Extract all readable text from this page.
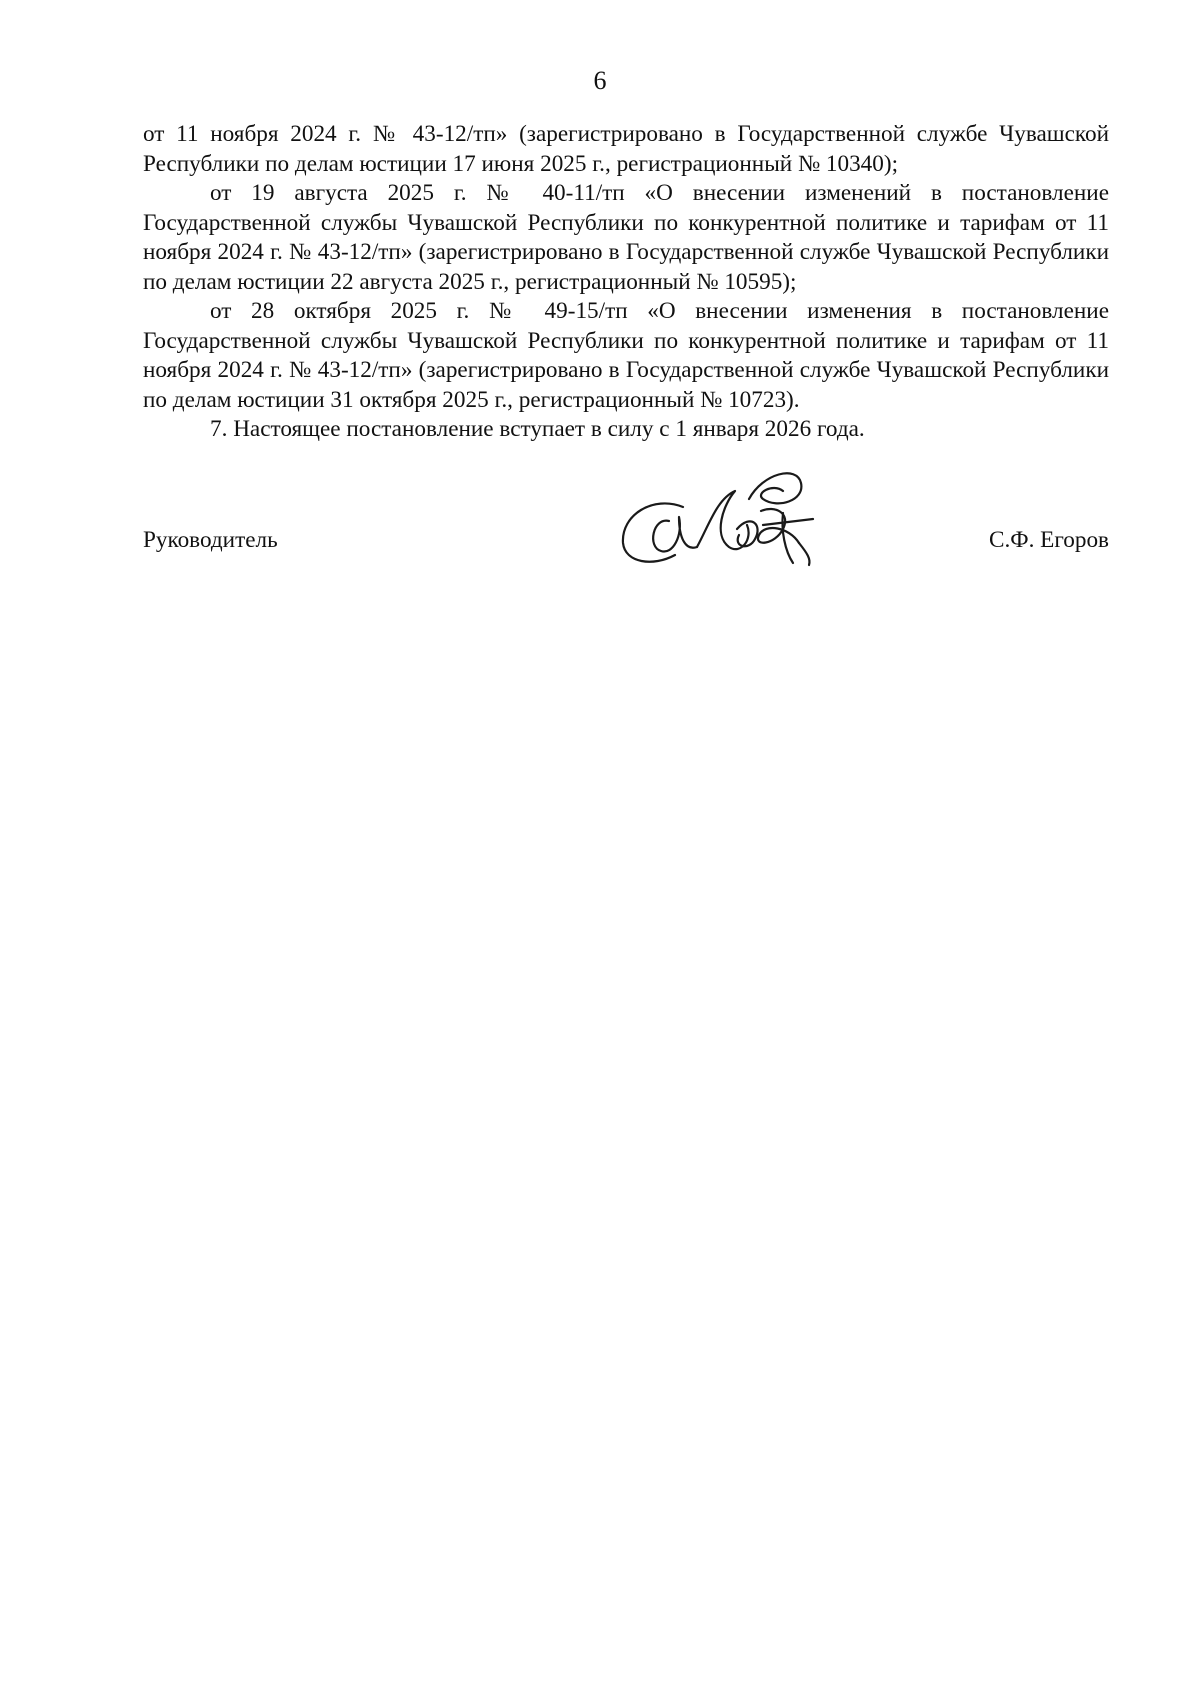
6

от 11 ноября 2024 г. № 43-12/тп» (зарегистрировано в Государственной службе Чувашской Республики по делам юстиции 17 июня 2025 г., регистрационный № 10340);

от 19 августа 2025 г. № 40-11/тп «О внесении изменений в постановление Государственной службы Чувашской Республики по конкурентной политике и тарифам от 11 ноября 2024 г. № 43-12/тп» (зарегистрировано в Государственной службе Чувашской Республики по делам юстиции 22 августа 2025 г., регистрационный № 10595);

от 28 октября 2025 г. № 49-15/тп «О внесении изменения в постановление Государственной службы Чувашской Республики по конкурентной политике и тарифам от 11 ноября 2024 г. № 43-12/тп» (зарегистрировано в Государственной службе Чувашской Республики по делам юстиции 31 октября 2025 г., регистрационный № 10723).

7. Настоящее постановление вступает в силу с 1 января 2026 года.

Руководитель	С.Ф. Егоров
